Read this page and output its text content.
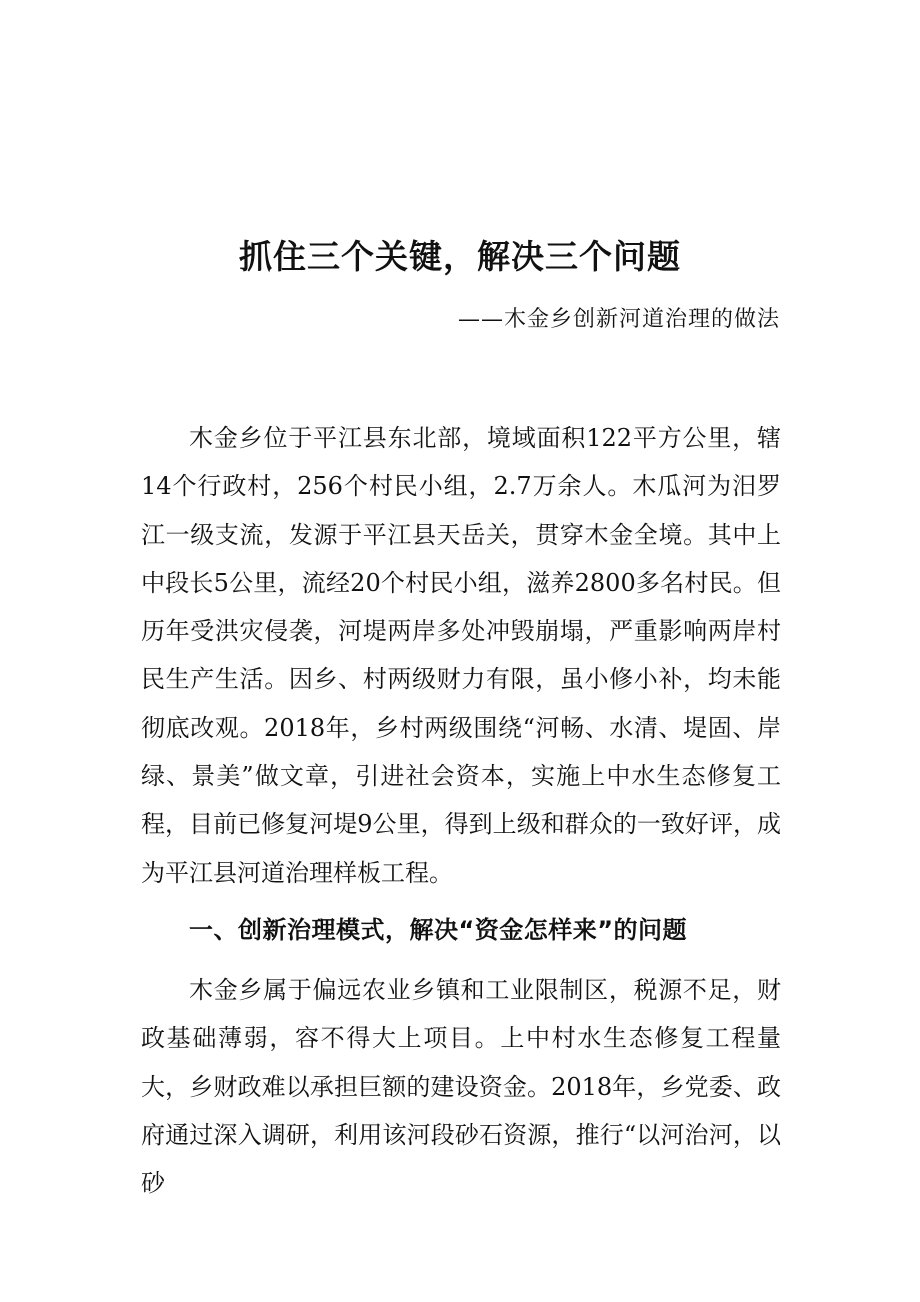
抓住三个关键，解决三个问题

——木金乡创新河道治理的做法

木金乡位于平江县东北部，境域面积122平方公里，辖14个行政村，256个村民小组，2.7万余人。木瓜河为汨罗江一级支流，发源于平江县天岳关，贯穿木金全境。其中上中段长5公里，流经20个村民小组，滋养2800多名村民。但历年受洪灾侵袭，河堤两岸多处冲毁崩塌，严重影响两岸村民生产生活。因乡、村两级财力有限，虽小修小补，均未能彻底改观。2018年，乡村两级围绕“河畅、水清、堤固、岸绿、景美”做文章，引进社会资本，实施上中水生态修复工程，目前已修复河堤9公里，得到上级和群众的一致好评，成为平江县河道治理样板工程。

一、创新治理模式，解决“资金怎样来”的问题

木金乡属于偏远农业乡镇和工业限制区，税源不足，财政基础薄弱，容不得大上项目。上中村水生态修复工程量大，乡财政难以承担巨额的建设资金。2018年，乡党委、政府通过深入调研，利用该河段砂石资源，推行“以河治河，以砂
